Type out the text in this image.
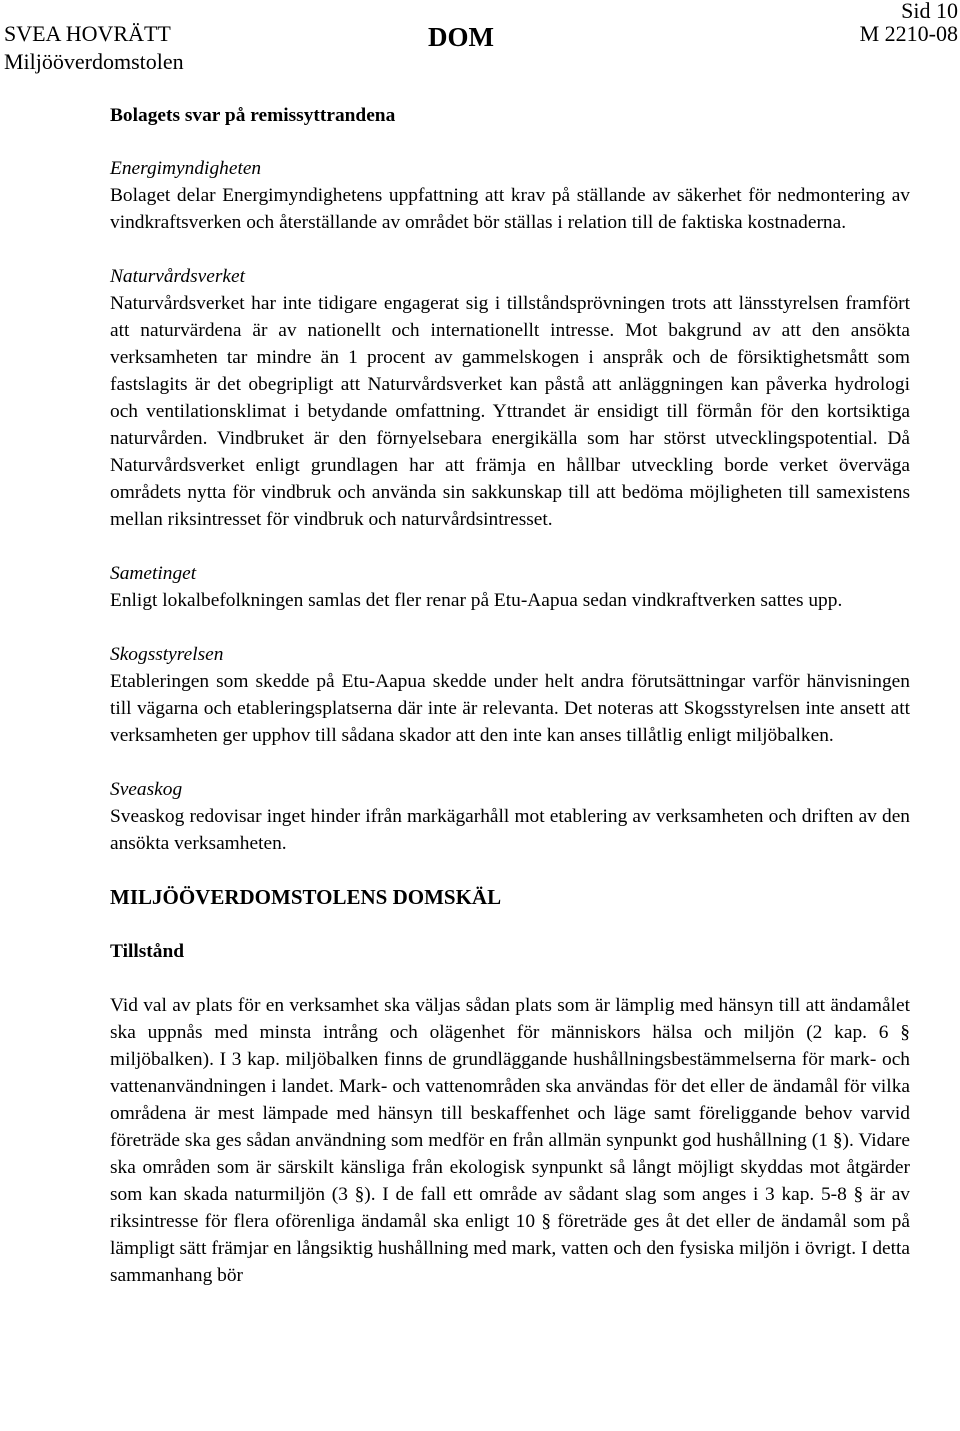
SVEA HOVRÄTT
Miljööverdomstolen
DOM
Sid 10
M 2210-08
Bolagets svar på remissyttrandena
Energimyndigheten

Bolaget delar Energimyndighetens uppfattning att krav på ställande av säkerhet för nedmontering av vindkraftsverken och återställande av området bör ställas i relation till de faktiska kostnaderna.

Naturvårdsverket

Naturvårdsverket har inte tidigare engagerat sig i tillståndsprövningen trots att länsstyrelsen framfört att naturvärdena är av nationellt och internationellt intresse. Mot bakgrund av att den ansökta verksamheten tar mindre än 1 procent av gammelskogen i anspråk och de försiktighetsmått som fastslagits är det obegripligt att Naturvårdsverket kan påstå att anläggningen kan påverka hydrologi och ventilationsklimat i betydande omfattning. Yttrandet är ensidigt till förmån för den kortsiktiga naturvården. Vindbruket är den förnyelsebara energikälla som har störst utvecklingspotential. Då Naturvårdsverket enligt grundlagen har att främja en hållbar utveckling borde verket överväga områdets nytta för vindbruk och använda sin sakkunskap till att bedöma möjligheten till samexistens mellan riksintresset för vindbruk och naturvårdsintresset.

Sametinget

Enligt lokalbefolkningen samlas det fler renar på Etu-Aapua sedan vindkraftverken sattes upp.

Skogsstyrelsen

Etableringen som skedde på Etu-Aapua skedde under helt andra förutsättningar varför hänvisningen till vägarna och etableringsplatserna där inte är relevanta. Det noteras att Skogsstyrelsen inte ansett att verksamheten ger upphov till sådana skador att den inte kan anses tillåtlig enligt miljöbalken.

Sveaskog

Sveaskog redovisar inget hinder ifrån markägarhåll mot etablering av verksamheten och driften av den ansökta verksamheten.

MILJÖÖVERDOMSTOLENS DOMSKÄL
Tillstånd

Vid val av plats för en verksamhet ska väljas sådan plats som är lämplig med hänsyn till att ändamålet ska uppnås med minsta intrång och olägenhet för människors hälsa och miljön (2 kap. 6 § miljöbalken). I 3 kap. miljöbalken finns de grundläggande hushållningsbestämmelserna för mark- och vattenanvändningen i landet. Mark- och vattenområden ska användas för det eller de ändamål för vilka områdena är mest lämpade med hänsyn till beskaffenhet och läge samt föreliggande behov varvid företräde ska ges sådan användning som medför en från allmän synpunkt god hushållning (1 §). Vidare ska områden som är särskilt känsliga från ekologisk synpunkt så långt möjligt skyddas mot åtgärder som kan skada naturmiljön (3 §). I de fall ett område av sådant slag som anges i 3 kap. 5-8 § är av riksintresse för flera oförenliga ändamål ska enligt 10 § företräde ges åt det eller de ändamål som på lämpligt sätt främjar en långsiktig hushållning med mark, vatten och den fysiska miljön i övrigt. I detta sammanhang bör
